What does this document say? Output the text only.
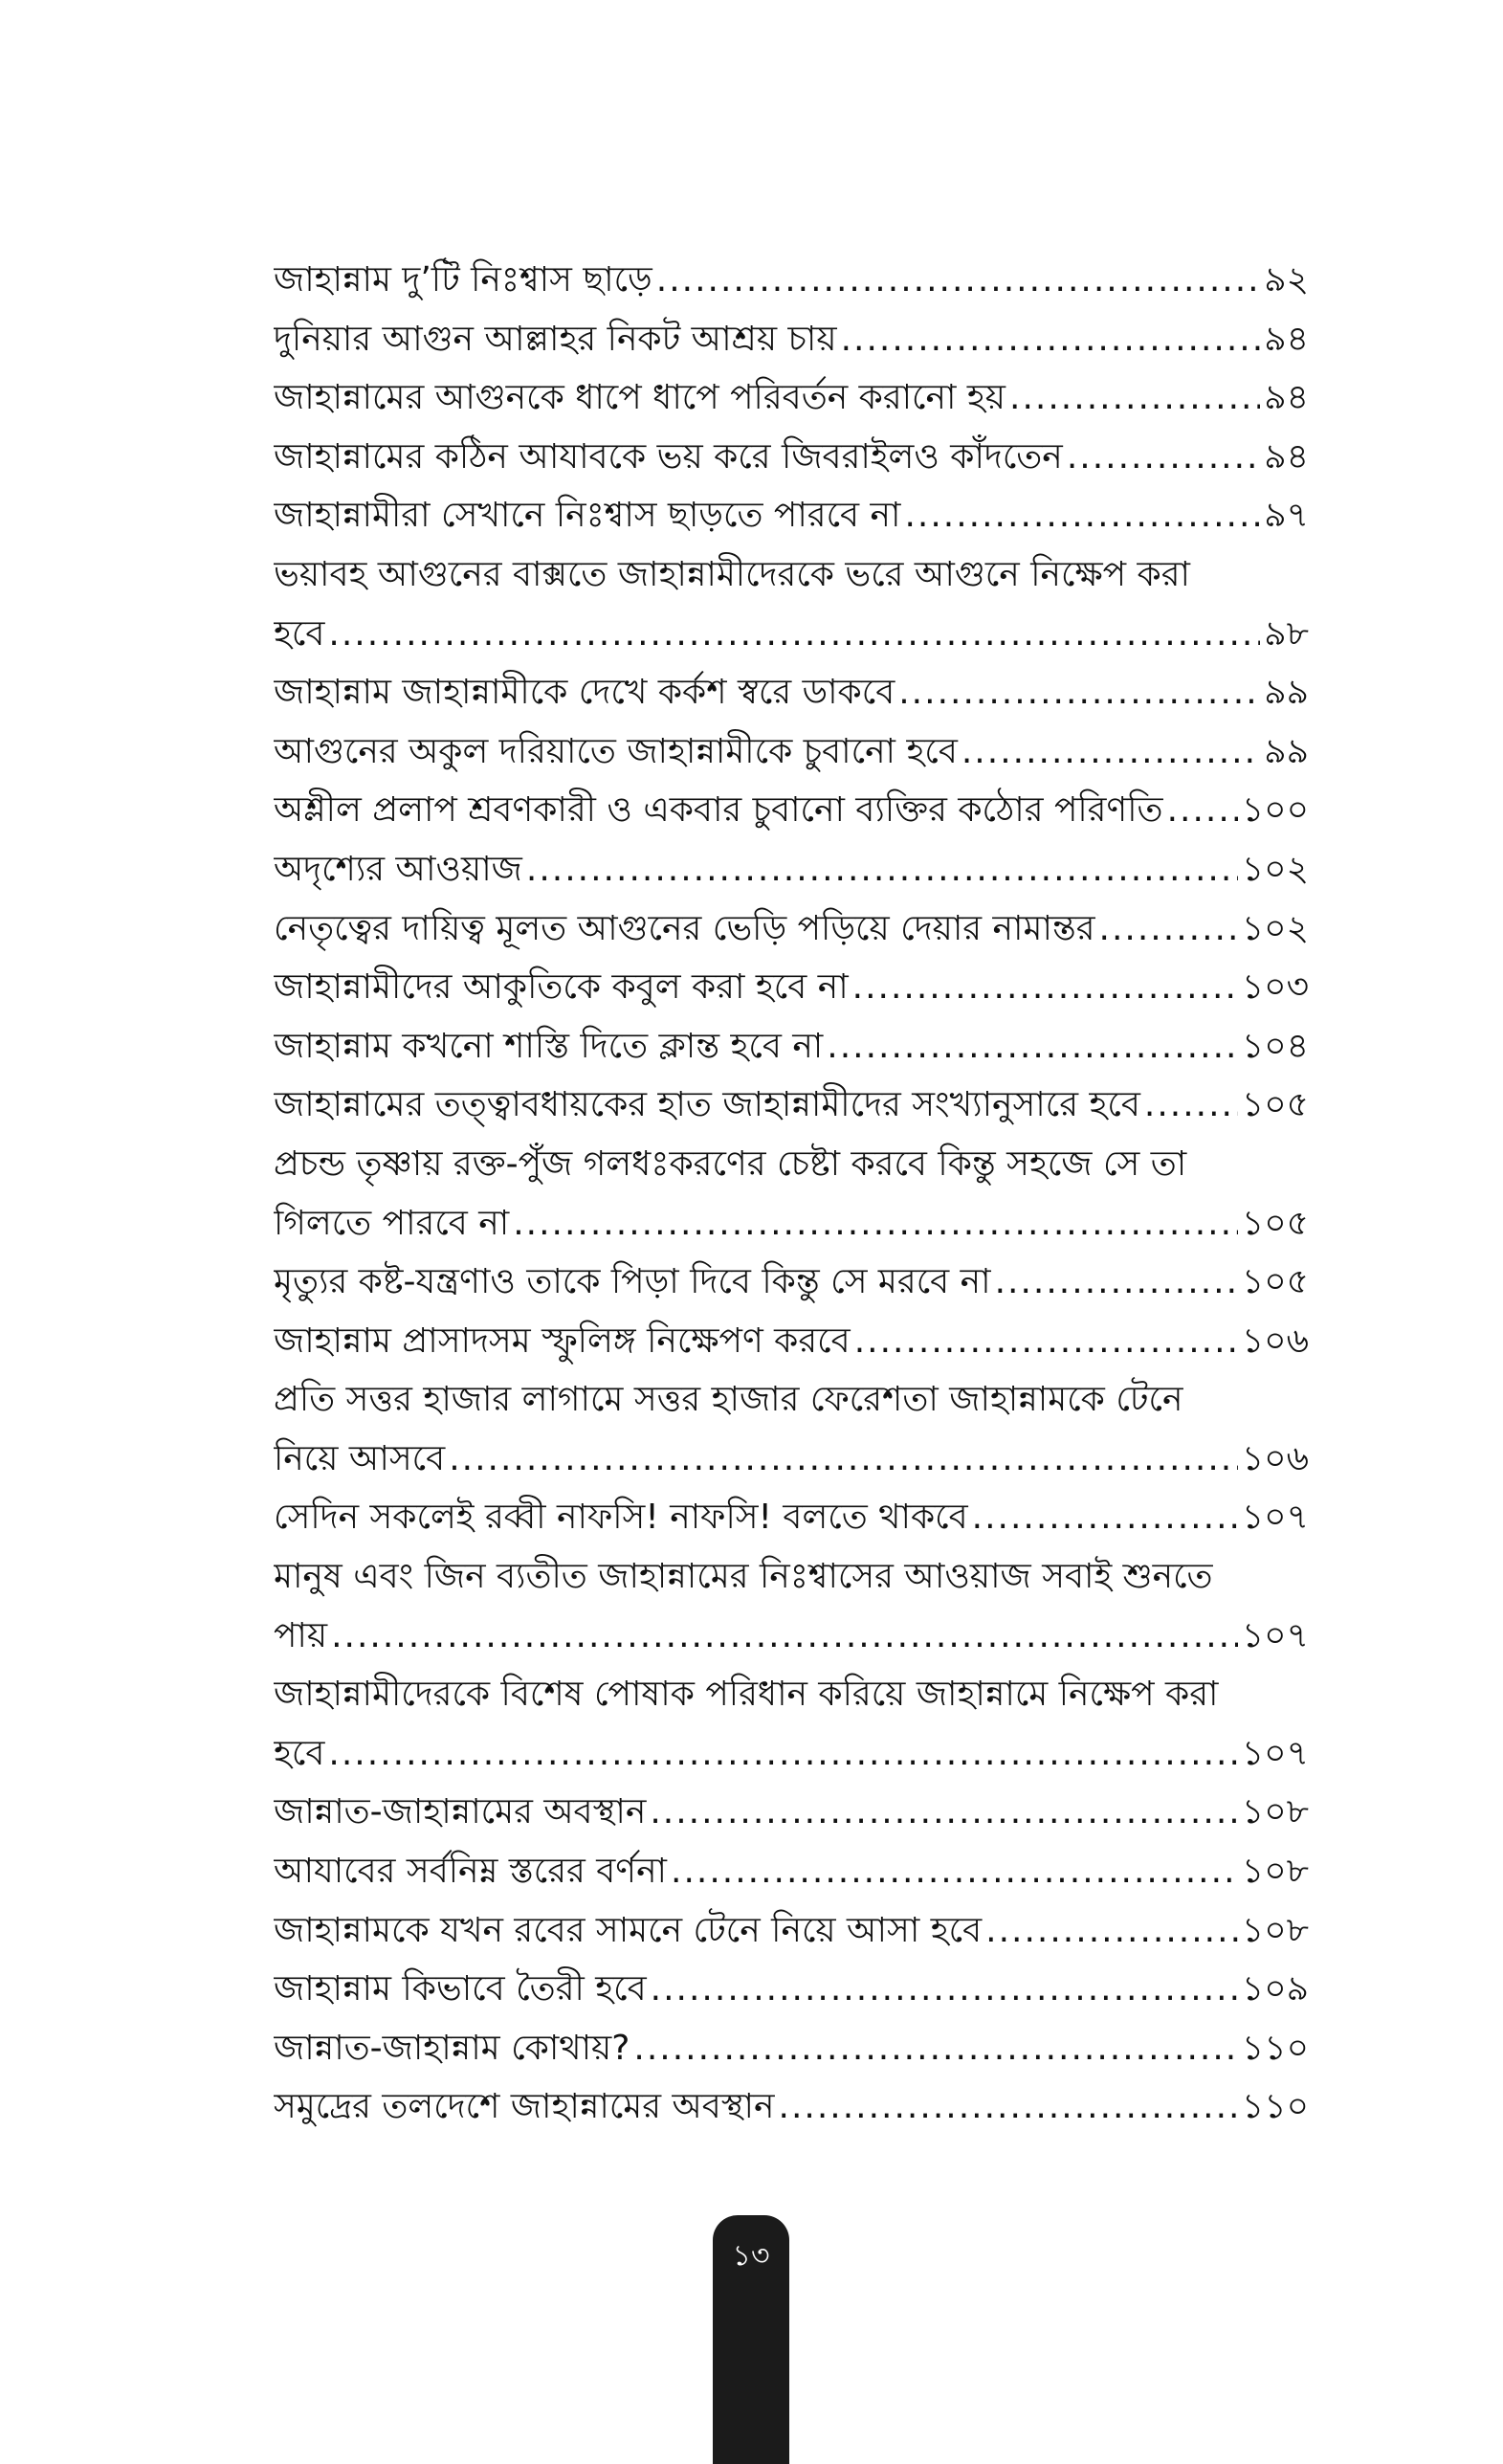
জাহান্নাম দু’টি নিঃশ্বাস ছাড়ে .....	৯২
দুনিয়ার আগুন আল্লাহর নিকট আশ্রয় চায় .....	৯৪
জাহান্নামের আগুনকে ধাপে ধাপে পরিবর্তন করানো হয় .....	৯৪
জাহান্নামের কঠিন আযাবকে ভয় করে জিবরাইলও কাঁদতেন .....	৯৪
জাহান্নামীরা সেখানে নিঃশ্বাস ছাড়তে পারবে না .....	৯৭
ভয়াবহ আগুনের বাক্সতে জাহান্নামীদেরকে ভরে আগুনে নিক্ষেপ করা
হবে .....	৯৮
জাহান্নাম জাহান্নামীকে দেখে কর্কশ স্বরে ডাকবে .....	৯৯
আগুনের অকুল দরিয়াতে জাহান্নামীকে চুবানো হবে .....	৯৯
অশ্লীল প্রলাপ শ্রবণকারী ও একবার চুবানো ব্যক্তির কঠোর পরিণতি ..... ১০০
অদৃশ্যের আওয়াজ .....	১০২
নেতৃত্বের দায়িত্ব মূলত আগুনের ভেড়ি পড়িয়ে দেয়ার নামান্তর .....	১০২
জাহান্নামীদের আকুতিকে কবুল করা হবে না .....	১০৩
জাহান্নাম কখনো শাস্তি দিতে ক্লান্ত হবে না .....	১০৪
জাহান্নামের তত্ত্বাবধায়কের হাত জাহান্নামীদের সংখ্যানুসারে হবে .....	১০৫
প্রচন্ড তৃষ্ণায় রক্ত-পুঁজ গলধঃকরণের চেষ্টা করবে কিন্তু সহজে সে তা
গিলতে পারবে না .....	১০৫
মৃত্যুর কষ্ট-যন্ত্রণাও তাকে পিড়া দিবে কিন্তু সে মরবে না .....	১০৫
জাহান্নাম প্রাসাদসম স্ফুলিঙ্গ নিক্ষেপণ করবে .....	১০৬
প্রতি সত্তর হাজার লাগামে সত্তর হাজার ফেরেশতা জাহান্নামকে টেনে
নিয়ে আসবে .....	১০৬
সেদিন সকলেই রব্বী নাফসি! নাফসি! বলতে থাকবে .....	১০৭
মানুষ এবং জিন ব্যতীত জাহান্নামের নিঃশ্বাসের আওয়াজ সবাই শুনতে
পায় .....	১০৭
জাহান্নামীদেরকে বিশেষ পোষাক পরিধান করিয়ে জাহান্নামে নিক্ষেপ করা
হবে .....	১০৭
জান্নাত-জাহান্নামের অবস্থান .....	১০৮
আযাবের সর্বনিম্ন স্তরের বর্ণনা .....	১০৮
জাহান্নামকে যখন রবের সামনে টেনে নিয়ে আসা হবে .....	১০৮
জাহান্নাম কিভাবে তৈরী হবে .....	১০৯
জান্নাত-জাহান্নাম কোথায়? .....	১১০
সমুদ্রের তলদেশে জাহান্নামের অবস্থান .....	১১০
১৩
